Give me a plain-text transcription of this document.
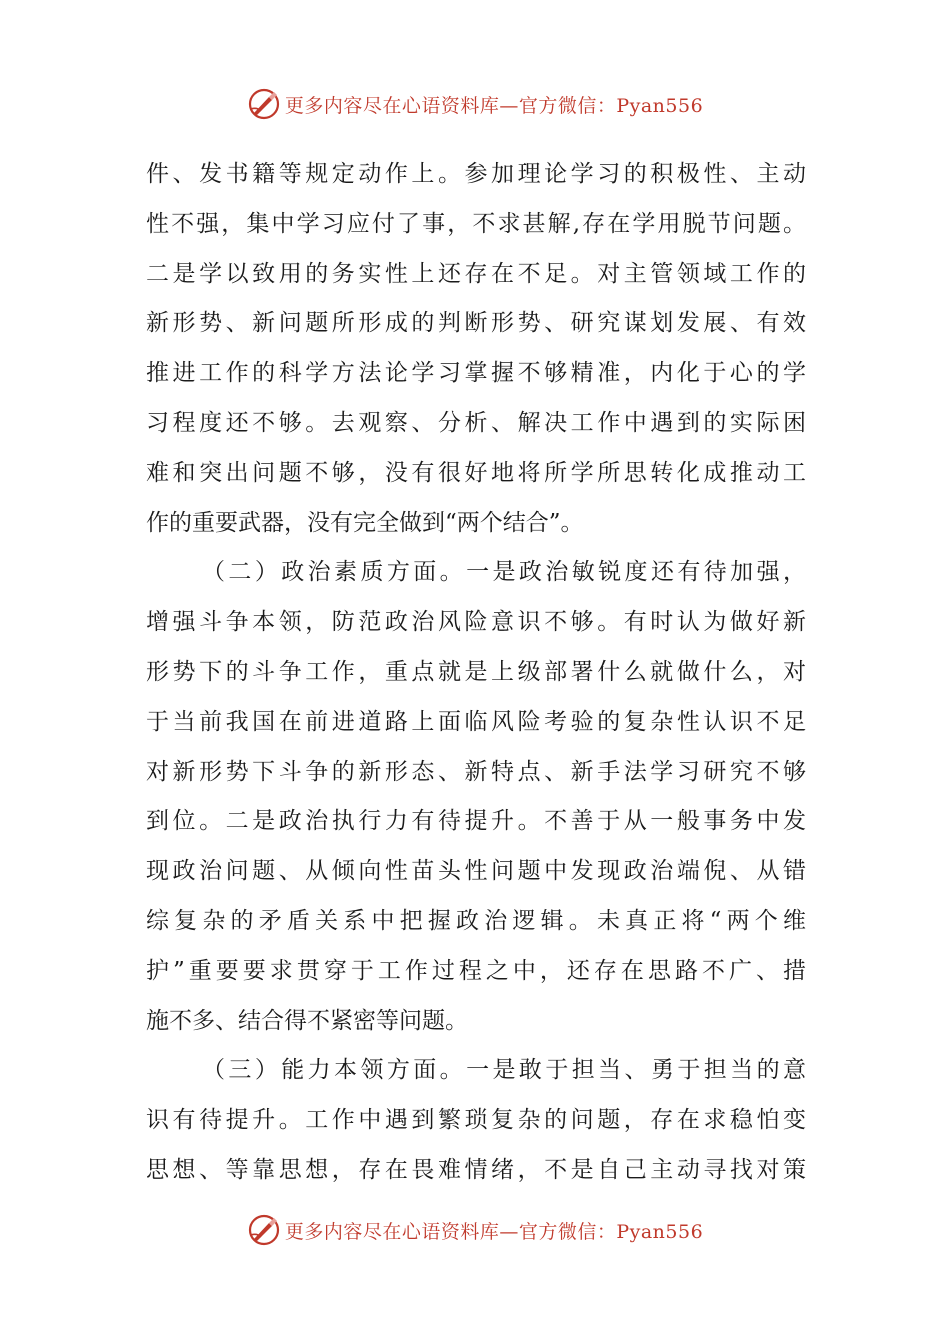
更多内容尽在心语资料库—官方微信：Pyan556
件、发书籍等规定动作上。参加理论学习的积极性、主动
性不强，集中学习应付了事，不求甚解,存在学用脱节问题。
二是学以致用的务实性上还存在不足。对主管领域工作的
新形势、新问题所形成的判断形势、研究谋划发展、有效
推进工作的科学方法论学习掌握不够精准，内化于心的学
习程度还不够。去观察、分析、解决工作中遇到的实际困
难和突出问题不够，没有很好地将所学所思转化成推动工
作的重要武器，没有完全做到“两个结合”。
（二）政治素质方面。一是政治敏锐度还有待加强，
增强斗争本领，防范政治风险意识不够。有时认为做好新
形势下的斗争工作，重点就是上级部署什么就做什么，对
于当前我国在前进道路上面临风险考验的复杂性认识不足
对新形势下斗争的新形态、新特点、新手法学习研究不够
到位。二是政治执行力有待提升。不善于从一般事务中发
现政治问题、从倾向性苗头性问题中发现政治端倪、从错
综复杂的矛盾关系中把握政治逻辑。未真正将“两个维
护”重要要求贯穿于工作过程之中，还存在思路不广、措
施不多、结合得不紧密等问题。
（三）能力本领方面。一是敢于担当、勇于担当的意
识有待提升。工作中遇到繁琐复杂的问题，存在求稳怕变
思想、等靠思想，存在畏难情绪，不是自己主动寻找对策
更多内容尽在心语资料库—官方微信：Pyan556
